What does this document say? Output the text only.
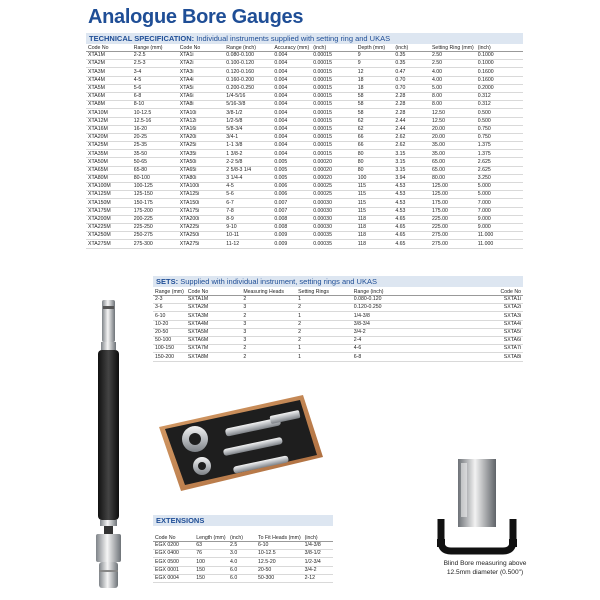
Analogue Bore Gauges
TECHNICAL SPECIFICATION: Individual instruments supplied with setting ring and UKAS
Code No	Range (mm)	Code No	Range (inch)	Accuracy (mm)	(inch)	Depth (mm)	(inch)	Setting Ring (mm)	(inch)
XTA1M	2-2.5	XTA1i	0.080-0.100	0.004	0.00015	9	0.35	2.50	0.1000
XTA2M	2.5-3	XTA2i	0.100-0.120	0.004	0.00015	9	0.35	2.50	0.1000
XTA3M	3-4	XTA3i	0.120-0.160	0.004	0.00015	12	0.47	4.00	0.1600
XTA4M	4-5	XTA4i	0.160-0.200	0.004	0.00015	18	0.70	4.00	0.1600
XTA5M	5-6	XTA5i	0.200-0.250	0.004	0.00015	18	0.70	5.00	0.2000
XTA6M	6-8	XTA6i	1/4-5/16	0.004	0.00015	58	2.28	8.00	0.312
XTA8M	8-10	XTA8i	5/16-3/8	0.004	0.00015	58	2.28	8.00	0.312
XTA10M	10-12.5	XTA10i	3/8-1/2	0.004	0.00015	58	2.28	12.50	0.500
XTA12M	12.5-16	XTA12i	1/2-5/8	0.004	0.00015	62	2.44	12.50	0.500
XTA16M	16-20	XTA16i	5/8-3/4	0.004	0.00015	62	2.44	20.00	0.750
XTA20M	20-25	XTA20i	3/4-1	0.004	0.00015	66	2.62	20.00	0.750
XTA25M	25-35	XTA25i	1-1 3/8	0.004	0.00015	66	2.62	35.00	1.375
XTA35M	35-50	XTA35i	1 3/8-2	0.004	0.00015	80	3.15	35.00	1.375
XTA50M	50-65	XTA50i	2-2 5/8	0.005	0.00020	80	3.15	65.00	2.625
XTA65M	65-80	XTA65i	2 5/8-3 1/4	0.005	0.00020	80	3.15	65.00	2.625
XTA80M	80-100	XTA80i	3 1/4-4	0.005	0.00020	100	3.94	80.00	3.250
XTA100M	100-125	XTA100i	4-5	0.006	0.00025	115	4.53	125.00	5.000
XTA125M	125-150	XTA125i	5-6	0.006	0.00025	115	4.53	125.00	5.000
XTA150M	150-175	XTA150i	6-7	0.007	0.00030	115	4.53	175.00	7.000
XTA175M	175-200	XTA175i	7-8	0.007	0.00030	115	4.53	175.00	7.000
XTA200M	200-225	XTA200i	8-9	0.008	0.00030	118	4.65	225.00	9.000
XTA225M	225-250	XTA225i	9-10	0.008	0.00030	118	4.65	225.00	9.000
XTA250M	250-275	XTA250i	10-11	0.009	0.00035	118	4.65	275.00	11.000
XTA275M	275-300	XTA275i	11-12	0.009	0.00035	118	4.65	275.00	11.000
SETS: Supplied with individual instrument, setting rings and UKAS
Range (mm)	Code No	Measuring Heads	Setting Rings	Range (inch)	Code No
2-3	SXTA1M	2	1	0.080-0.120	SXTA1i
3-6	SXTA2M	3	2	0.120-0.250	SXTA2i
6-10	SXTA3M	2	1	1/4-3/8	SXTA3i
10-20	SXTA4M	3	2	3/8-3/4	SXTA4i
20-50	SXTA5M	3	2	3/4-2	SXTA5i
50-100	SXTA6M	3	2	2-4	SXTA6i
100-150	SXTA7M	2	1	4-6	SXTA7i
150-200	SXTA8M	2	1	6-8	SXTA8i
EXTENSIONS
Code No	Length (mm)	(inch)	To Fit Heads (mm)	(inch)
EGX 0200	63	2.5	6-10	1/4-3/8
EGX 0400	76	3.0	10-12.5	3/8-1/2
EGX 0500	100	4.0	12.5-20	1/2-3/4
EGX 0001	150	6.0	20-50	3/4-2
EGX 0004	150	6.0	50-300	2-12
Blind Bore measuring above
12.5mm diameter (0.500")
